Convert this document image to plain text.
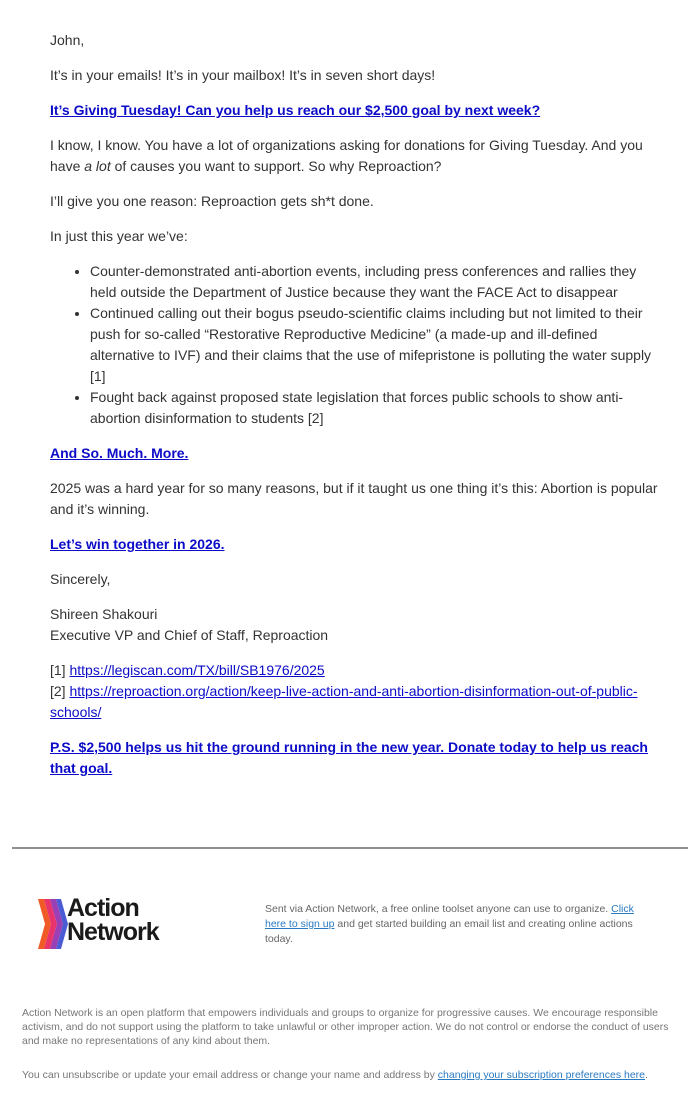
John,

It’s in your emails! It’s in your mailbox! It’s in seven short days!

It’s Giving Tuesday! Can you help us reach our $2,500 goal by next week?

I know, I know. You have a lot of organizations asking for donations for Giving Tuesday. And you have a lot of causes you want to support. So why Reproaction?

I’ll give you one reason: Reproaction gets sh*t done.

In just this year we’ve:

• Counter-demonstrated anti-abortion events, including press conferences and rallies they held outside the Department of Justice because they want the FACE Act to disappear
• Continued calling out their bogus pseudo-scientific claims including but not limited to their push for so-called “Restorative Reproductive Medicine” (a made-up and ill-defined alternative to IVF) and their claims that the use of mifepristone is polluting the water supply [1]
• Fought back against proposed state legislation that forces public schools to show anti-abortion disinformation to students [2]

And So. Much. More.

2025 was a hard year for so many reasons, but if it taught us one thing it’s this: Abortion is popular and it’s winning.

Let’s win together in 2026.

Sincerely,

Shireen Shakouri
Executive VP and Chief of Staff, Reproaction

[1] https://legiscan.com/TX/bill/SB1976/2025
[2] https://reproaction.org/action/keep-live-action-and-anti-abortion-disinformation-out-of-public-schools/

P.S. $2,500 helps us hit the ground running in the new year. Donate today to help us reach that goal.

Action
Network
Sent via Action Network, a free online toolset anyone can use to organize. Click here to sign up and get started building an email list and creating online actions today.
Action Network is an open platform that empowers individuals and groups to organize for progressive causes. We encourage responsible activism, and do not support using the platform to take unlawful or other improper action. We do not control or endorse the conduct of users and make no representations of any kind about them.
You can unsubscribe or update your email address or change your name and address by changing your subscription preferences here.
